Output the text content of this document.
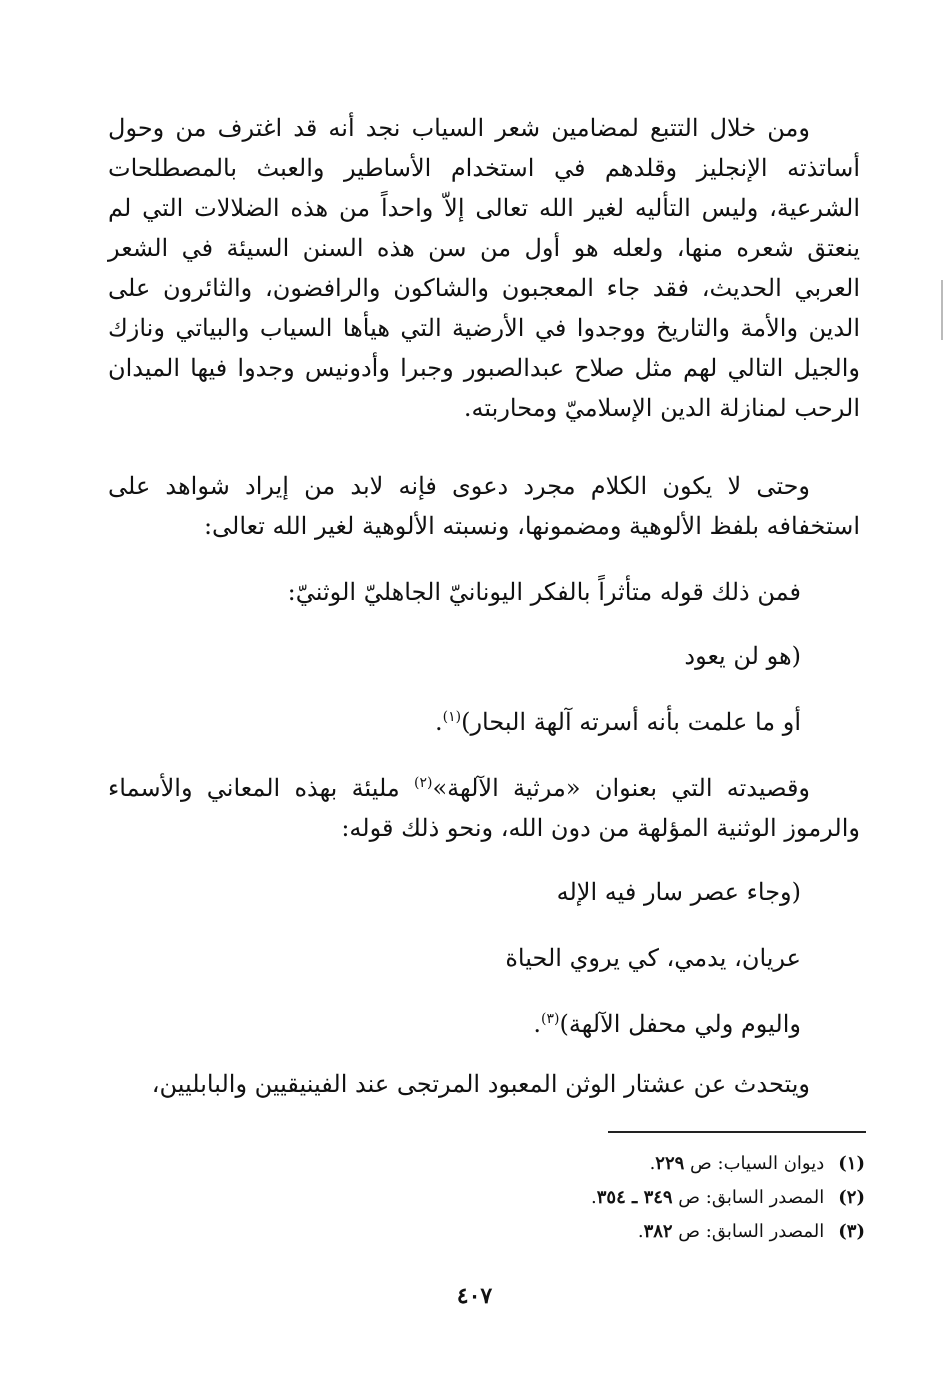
ومن خلال التتبع لمضامين شعر السياب نجد أنه قد اغترف من وحول أساتذته الإنجليز وقلدهم في استخدام الأساطير والعبث بالمصطلحات الشرعية، وليس التأليه لغير الله تعالى إلاّ واحداً من هذه الضلالات التي لم ينعتق شعره منها، ولعله هو أول من سن هذه السنن السيئة في الشعر العربي الحديث، فقد جاء المعجبون والشاكون والرافضون، والثائرون على الدين والأمة والتاريخ ووجدوا في الأرضية التي هيأها السياب والبياتي ونازك والجيل التالي لهم مثل صلاح عبدالصبور وجبرا وأدونيس وجدوا فيها الميدان الرحب لمنازلة الدين الإسلاميّ ومحاربته.

وحتى لا يكون الكلام مجرد دعوى فإنه لابد من إيراد شواهد على استخفافه بلفظ الألوهية ومضمونها، ونسبته الألوهية لغير الله تعالى:

فمن ذلك قوله متأثراً بالفكر اليونانيّ الجاهليّ الوثنيّ:

(هو لن يعود

أو ما علمت بأنه أسرته آلهة البحار)$^{(١)}$.

وقصيدته التي بعنوان «مرثية الآلهة»$^{(٢)}$ مليئة بهذه المعاني والأسماء والرموز الوثنية المؤلهة من دون الله، ونحو ذلك قوله:

(وجاء عصر سار فيه الإله

عريان، يدمي، كي يروي الحياة

واليوم ولي محفل الآلهة)$^{(٣)}$.

ويتحدث عن عشتار الوثن المعبود المرتجى عند الفينيقيين والبابليين،

(١)ديوان السياب: ص ٢٢٩.

(٢)المصدر السابق: ص ٣٤٩ ـ ٣٥٤.

(٣)المصدر السابق: ص ٣٨٢.

٤٠٧
